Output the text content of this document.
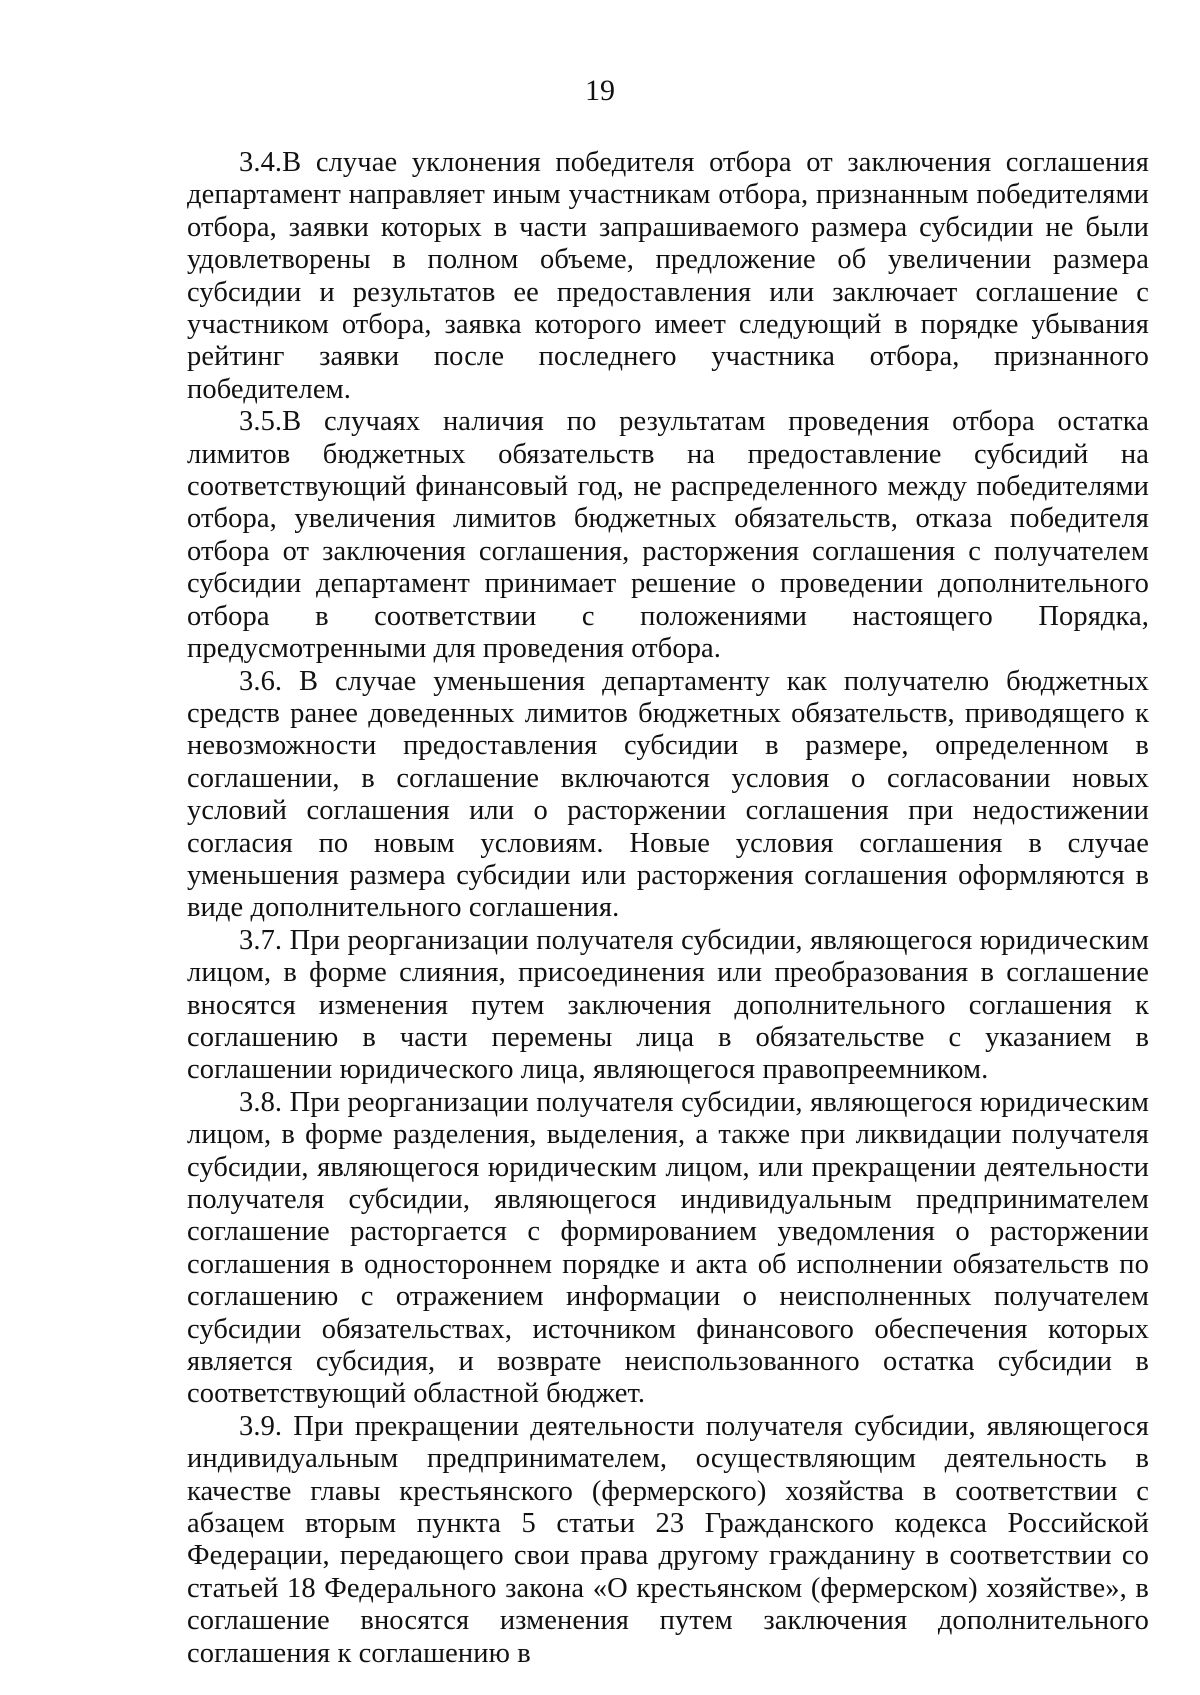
19

3.4.В случае уклонения победителя отбора от заключения соглашения департамент направляет иным участникам отбора, признанным победителями отбора, заявки которых в части запрашиваемого размера субсидии не были удовлетворены в полном объеме, предложение об увеличении размера субсидии и результатов ее предоставления или заключает соглашение с участником отбора, заявка которого имеет следующий в порядке убывания рейтинг заявки после последнего участника отбора, признанного победителем.

3.5.В случаях наличия по результатам проведения отбора остатка лимитов бюджетных обязательств на предоставление субсидий на соответствующий финансовый год, не распределенного между победителями отбора, увеличения лимитов бюджетных обязательств, отказа победителя отбора от заключения соглашения, расторжения соглашения с получателем субсидии департамент принимает решение о проведении дополнительного отбора в соответствии с положениями настоящего Порядка, предусмотренными для проведения отбора.

3.6. В случае уменьшения департаменту как получателю бюджетных средств ранее доведенных лимитов бюджетных обязательств, приводящего к невозможности предоставления субсидии в размере, определенном в соглашении, в соглашение включаются условия о согласовании новых условий соглашения или о расторжении соглашения при недостижении согласия по новым условиям. Новые условия соглашения в случае уменьшения размера субсидии или расторжения соглашения оформляются в виде дополнительного соглашения.

3.7. При реорганизации получателя субсидии, являющегося юридическим лицом, в форме слияния, присоединения или преобразования в соглашение вносятся изменения путем заключения дополнительного соглашения к соглашению в части перемены лица в обязательстве с указанием в соглашении юридического лица, являющегося правопреемником.

3.8. При реорганизации получателя субсидии, являющегося юридическим лицом, в форме разделения, выделения, а также при ликвидации получателя субсидии, являющегося юридическим лицом, или прекращении деятельности получателя субсидии, являющегося индивидуальным предпринимателем соглашение расторгается с формированием уведомления о расторжении соглашения в одностороннем порядке и акта об исполнении обязательств по соглашению с отражением информации о неисполненных получателем субсидии обязательствах, источником финансового обеспечения которых является субсидия, и возврате неиспользованного остатка субсидии в соответствующий областной бюджет.

3.9. При прекращении деятельности получателя субсидии, являющегося индивидуальным предпринимателем, осуществляющим деятельность в качестве главы крестьянского (фермерского) хозяйства в соответствии с абзацем вторым пункта 5 статьи 23 Гражданского кодекса Российской Федерации, передающего свои права другому гражданину в соответствии со статьей 18 Федерального закона «О крестьянском (фермерском) хозяйстве», в соглашение вносятся изменения путем заключения дополнительного соглашения к соглашению в
